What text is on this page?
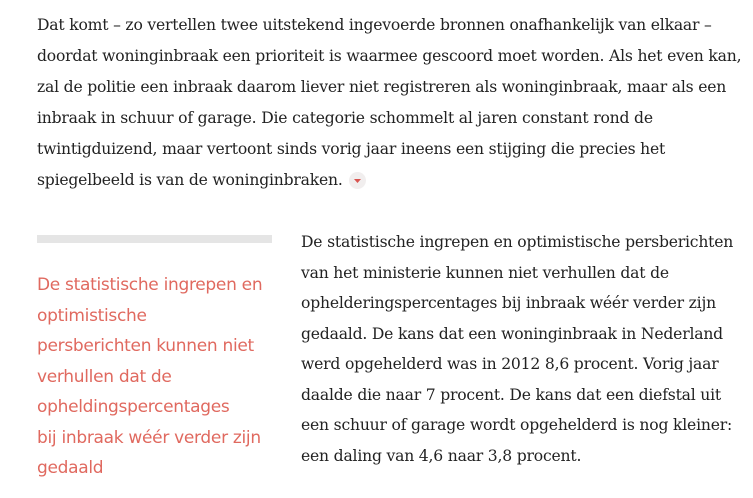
Dat komt – zo vertellen twee uitstekend ingevoerde bronnen onafhankelijk van elkaar –
doordat woninginbraak een prioriteit is waarmee gescoord moet worden. Als het even kan,
zal de politie een inbraak daarom liever niet registreren als woninginbraak, maar als een
inbraak in schuur of garage. Die categorie schommelt al jaren constant rond de
twintigduizend, maar vertoont sinds vorig jaar ineens een stijging die precies het
spiegelbeeld is van de woninginbraken.
De statistische ingrepen en
optimistische
persberichten kunnen niet
verhullen dat de
opheldingspercentages
bij inbraak wéér verder zijn
gedaald
De statistische ingrepen en optimistische persberichten
van het ministerie kunnen niet verhullen dat de
ophelderingspercentages bij inbraak wéér verder zijn
gedaald. De kans dat een woninginbraak in Nederland
werd opgehelderd was in 2012 8,6 procent. Vorig jaar
daalde die naar 7 procent. De kans dat een diefstal uit
een schuur of garage wordt opgehelderd is nog kleiner:
een daling van 4,6 naar 3,8 procent.
